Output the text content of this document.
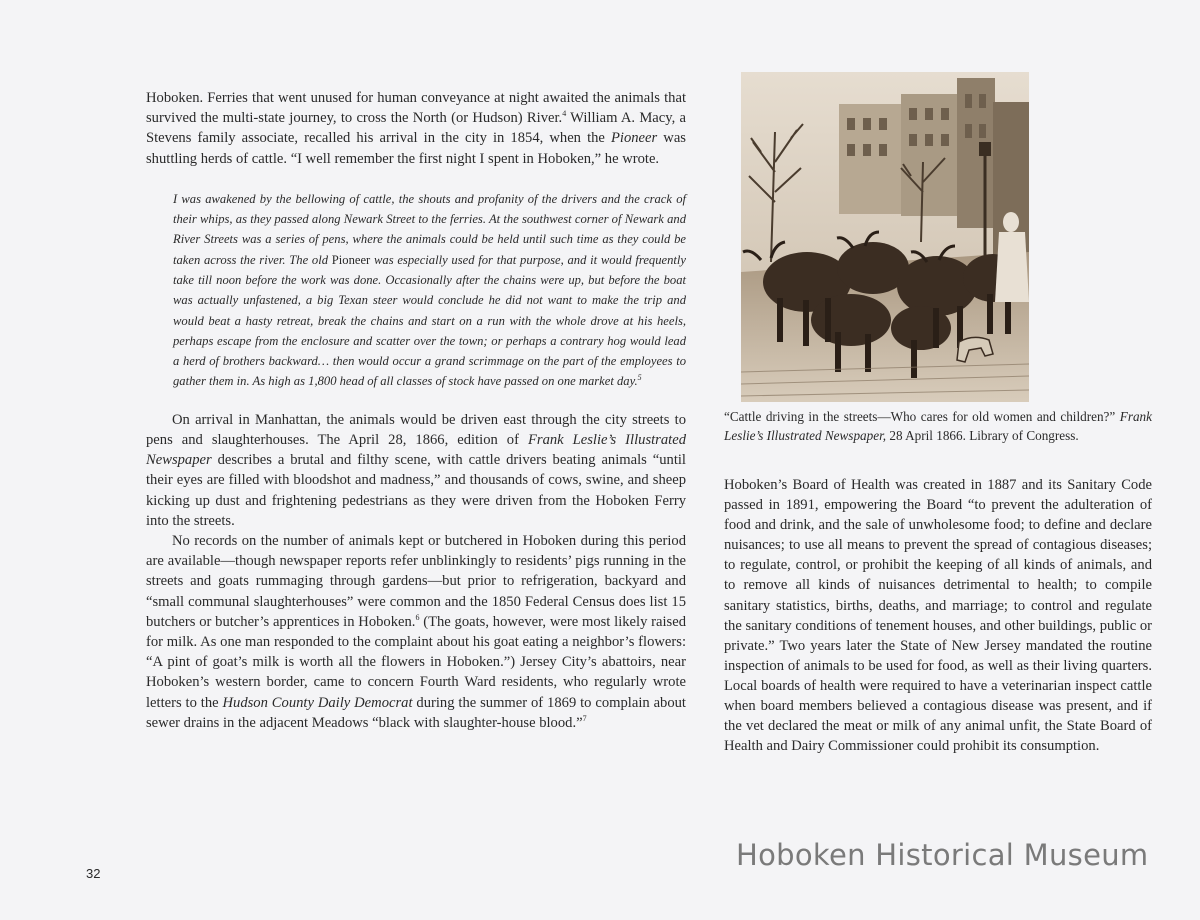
Hoboken. Ferries that went unused for human conveyance at night awaited the animals that survived the multi-state journey, to cross the North (or Hudson) River.$^4$ William A. Macy, a Stevens family associate, recalled his arrival in the city in 1854, when the Pioneer was shuttling herds of cattle. “I well remember the first night I spent in Hoboken,” he wrote.

I was awakened by the bellowing of cattle, the shouts and profanity of the drivers and the crack of their whips, as they passed along Newark Street to the ferries. At the southwest corner of Newark and River Streets was a series of pens, where the animals could be held until such time as they could be taken across the river. The old Pioneer was especially used for that purpose, and it would frequently take till noon before the work was done. Occasionally after the chains were up, but before the boat was actually unfastened, a big Texan steer would conclude he did not want to make the trip and would beat a hasty retreat, break the chains and start on a run with the whole drove at his heels, perhaps escape from the enclosure and scatter over the town; or perhaps a contrary hog would lead a herd of brothers backward… then would occur a grand scrimmage on the part of the employees to gather them in. As high as 1,800 head of all classes of stock have passed on one market day.$^5$

On arrival in Manhattan, the animals would be driven east through the city streets to pens and slaughterhouses. The April 28, 1866, edition of Frank Leslie’s Illustrated Newspaper describes a brutal and filthy scene, with cattle drivers beating animals “until their eyes are filled with bloodshot and madness,” and thousands of cows, swine, and sheep kicking up dust and frightening pedestrians as they were driven from the Hoboken Ferry into the streets.

No records on the number of animals kept or butchered in Hoboken during this period are available—though newspaper reports refer unblinkingly to residents’ pigs running in the streets and goats rummaging through gardens—but prior to refrigeration, backyard and “small communal slaughterhouses” were common and the 1850 Federal Census does list 15 butchers or butcher’s apprentices in Hoboken.$^6$ (The goats, however, were most likely raised for milk. As one man responded to the complaint about his goat eating a neighbor’s flowers: “A pint of goat’s milk is worth all the flowers in Hoboken.”) Jersey City’s abattoirs, near Hoboken’s western border, came to concern Fourth Ward residents, who regularly wrote letters to the Hudson County Daily Democrat during the summer of 1869 to complain about sewer drains in the adjacent Meadows “black with slaughter-house blood.”$^7$

“Cattle driving in the streets—Who cares for old women and children?” Frank Leslie’s Illustrated Newspaper, 28 April 1866. Library of Congress.

Hoboken’s Board of Health was created in 1887 and its Sanitary Code passed in 1891, empowering the Board “to prevent the adulteration of food and drink, and the sale of unwholesome food; to define and declare nuisances; to use all means to prevent the spread of contagious diseases; to regulate, control, or prohibit the keeping of all kinds of animals, and to remove all kinds of nuisances detrimental to health; to compile sanitary statistics, births, deaths, and marriage; to control and regulate the sanitary conditions of tenement houses, and other buildings, public or private.” Two years later the State of New Jersey mandated the routine inspection of animals to be used for food, as well as their living quarters. Local boards of health were required to have a veterinarian inspect cattle when board members believed a contagious disease was present, and if the vet declared the meat or milk of any animal unfit, the State Board of Health and Dairy Commissioner could prohibit its consumption.

32
Hoboken Historical Museum
